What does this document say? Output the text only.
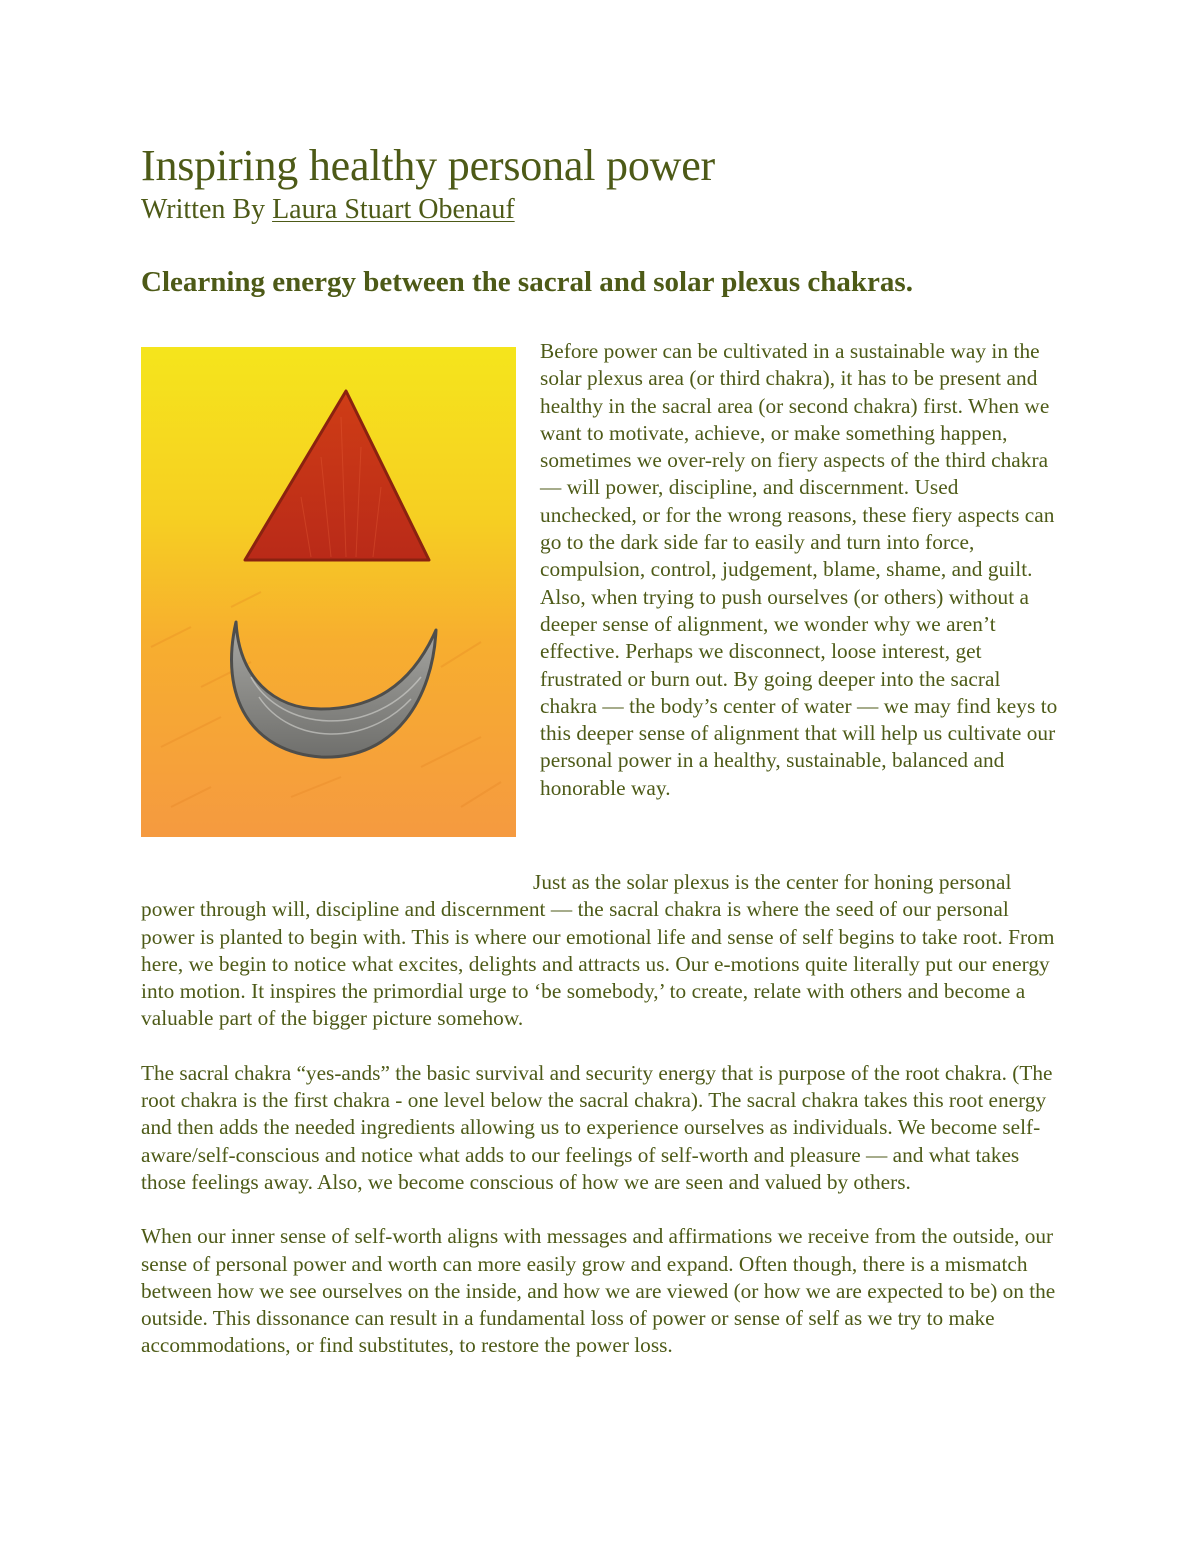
Inspiring healthy personal power
Written By Laura Stuart Obenauf
Clearning energy between the sacral and solar plexus chakras.

Before power can be cultivated in a sustainable way in the solar plexus area (or third chakra), it has to be present and healthy in the sacral area (or second chakra) first. When we want to motivate, achieve, or make something happen, sometimes we over-rely on fiery aspects of the third chakra — will power, discipline, and discernment. Used unchecked, or for the wrong reasons, these fiery aspects can go to the dark side far to easily and turn into force, compulsion, control, judgement, blame, shame, and guilt. Also, when trying to push ourselves (or others) without a deeper sense of alignment, we wonder why we aren’t effective. Perhaps we disconnect, loose interest, get frustrated or burn out. By going deeper into the sacral chakra — the body’s center of water — we may find keys to this deeper sense of alignment that will help us cultivate our personal power in a healthy, sustainable, balanced and honorable way.

Just as the solar plexus is the center for honing personal power through will, discipline and discernment — the sacral chakra is where the seed of our personal power is planted to begin with. This is where our emotional life and sense of self begins to take root. From here, we begin to notice what excites, delights and attracts us. Our e-motions quite literally put our energy into motion. It inspires the primordial urge to ‘be somebody,’ to create, relate with others and become a valuable part of the bigger picture somehow.

The sacral chakra “yes-ands” the basic survival and security energy that is purpose of the root chakra. (The root chakra is the first chakra - one level below the sacral chakra). The sacral chakra takes this root energy and then adds the needed ingredients allowing us to experience ourselves as individuals. We become self-aware/self-conscious and notice what adds to our feelings of self-worth and pleasure — and what takes those feelings away. Also, we become conscious of how we are seen and valued by others.

When our inner sense of self-worth aligns with messages and affirmations we receive from the outside, our sense of personal power and worth can more easily grow and expand. Often though, there is a mismatch between how we see ourselves on the inside, and how we are viewed (or how we are expected to be) on the outside. This dissonance can result in a fundamental loss of power or sense of self as we try to make accommodations, or find substitutes, to restore the power loss.
